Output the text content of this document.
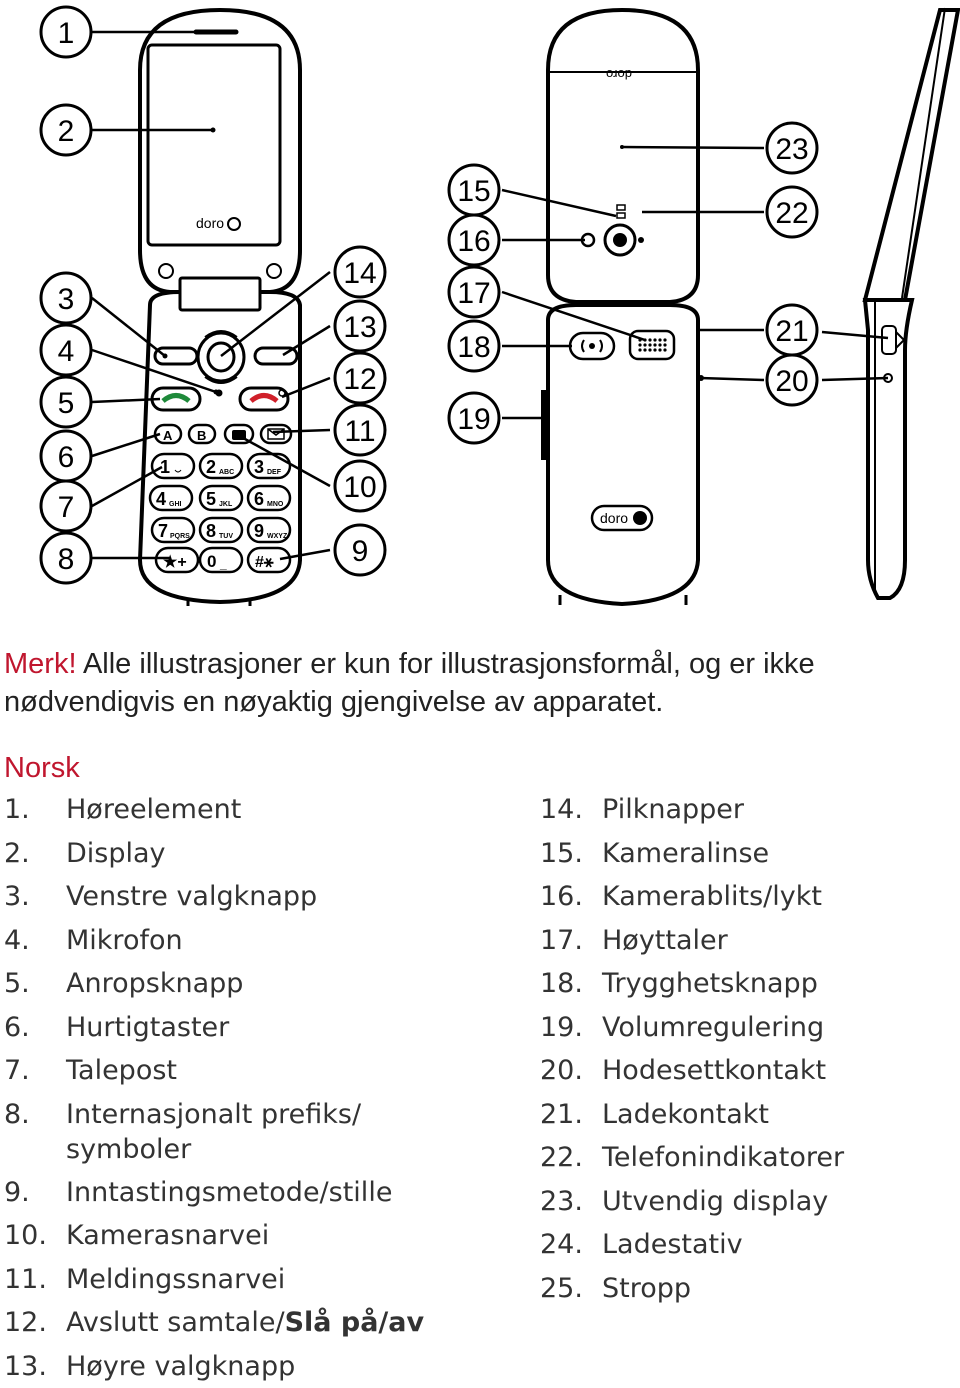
doro
A B
1 2 ABC 3 DEF
4 GHI 5 JKL 6 MNO
7 PQRS 8 TUV 9 WXYZ
★+ 0 _ #⚹
doro
doro
1
2
3
4
5
6
7
8	9
10
11
12
13
14
15
16
17
18
19
20
21
22
23
Merk! Alle illustrasjoner er kun for illustrasjonsformål, og er ikke nødvendigvis en nøyaktig gjengivelse av apparatet.
Norsk
1.	Høreelement
2.	Display
3.	Venstre valgknapp
4.	Mikrofon
5.	Anropsknapp
6.	Hurtigtaster
7.	Talepost
8.	Internasjonalt prefiks/ symboler
9.	Inntastingsmetode/stille
10. Kamerasnarvei
11. Meldingssnarvei
12. Avslutt samtale/Slå på/av
13. Høyre valgknapp
14. Pilknapper
15. Kameralinse
16. Kamerablits/lykt
17. Høyttaler
18. Trygghetsknapp
19. Volumregulering
20. Hodesettkontakt
21. Ladekontakt
22. Telefonindikatorer
23. Utvendig display
24. Ladestativ
25. Stropp
